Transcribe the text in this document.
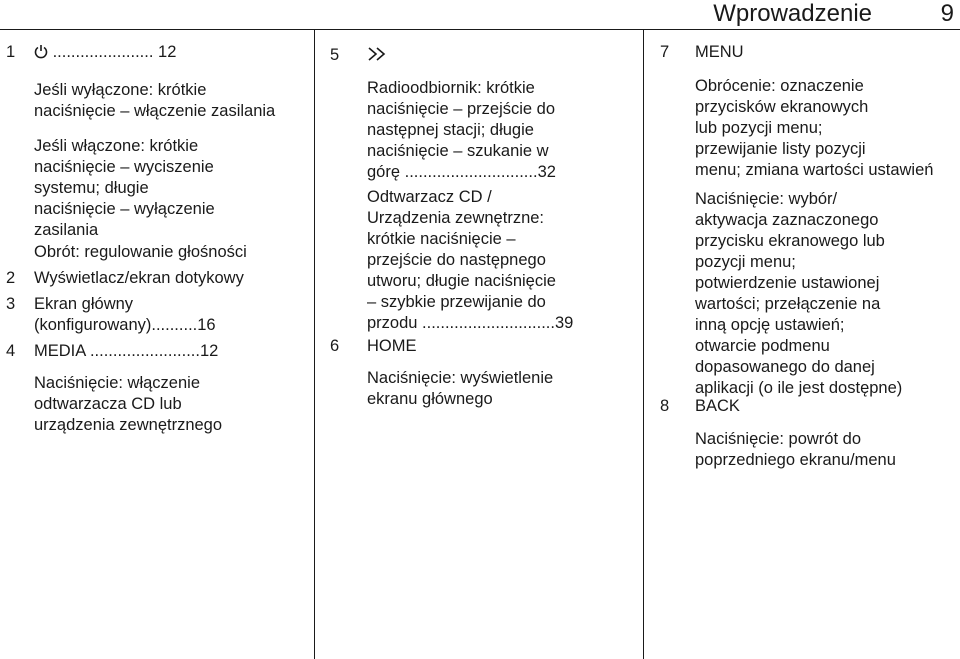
Wprowadzenie	9
1	...................... 12
Jeśli wyłączone: krótkie
naciśnięcie – włączenie zasilania
Jeśli włączone: krótkie
naciśnięcie – wyciszenie
systemu; długie
naciśnięcie – wyłączenie
zasilania
Obrót: regulowanie głośności
2 Wyświetlacz/ekran dotykowy
3 Ekran główny
(konfigurowany)..........16
4 MEDIA ........................12
Naciśnięcie: włączenie
odtwarzacza CD lub
urządzenia zewnętrznego
5
Radioodbiornik: krótkie
naciśnięcie – przejście do
następnej stacji; długie
naciśnięcie – szukanie w
górę .............................32
Odtwarzacz CD /
Urządzenia zewnętrzne:
krótkie naciśnięcie –
przejście do następnego
utworu; długie naciśnięcie
– szybkie przewijanie do
przodu .............................39
6 HOME
Naciśnięcie: wyświetlenie
ekranu głównego
7 MENU
Obrócenie: oznaczenie
przycisków ekranowych
lub pozycji menu;
przewijanie listy pozycji
menu; zmiana wartości ustawień
Naciśnięcie: wybór/
aktywacja zaznaczonego
przycisku ekranowego lub
pozycji menu;
potwierdzenie ustawionej
wartości; przełączenie na
inną opcję ustawień;
otwarcie podmenu
dopasowanego do danej
aplikacji (o ile jest dostępne)
8 BACK
Naciśnięcie: powrót do
poprzedniego ekranu/menu
